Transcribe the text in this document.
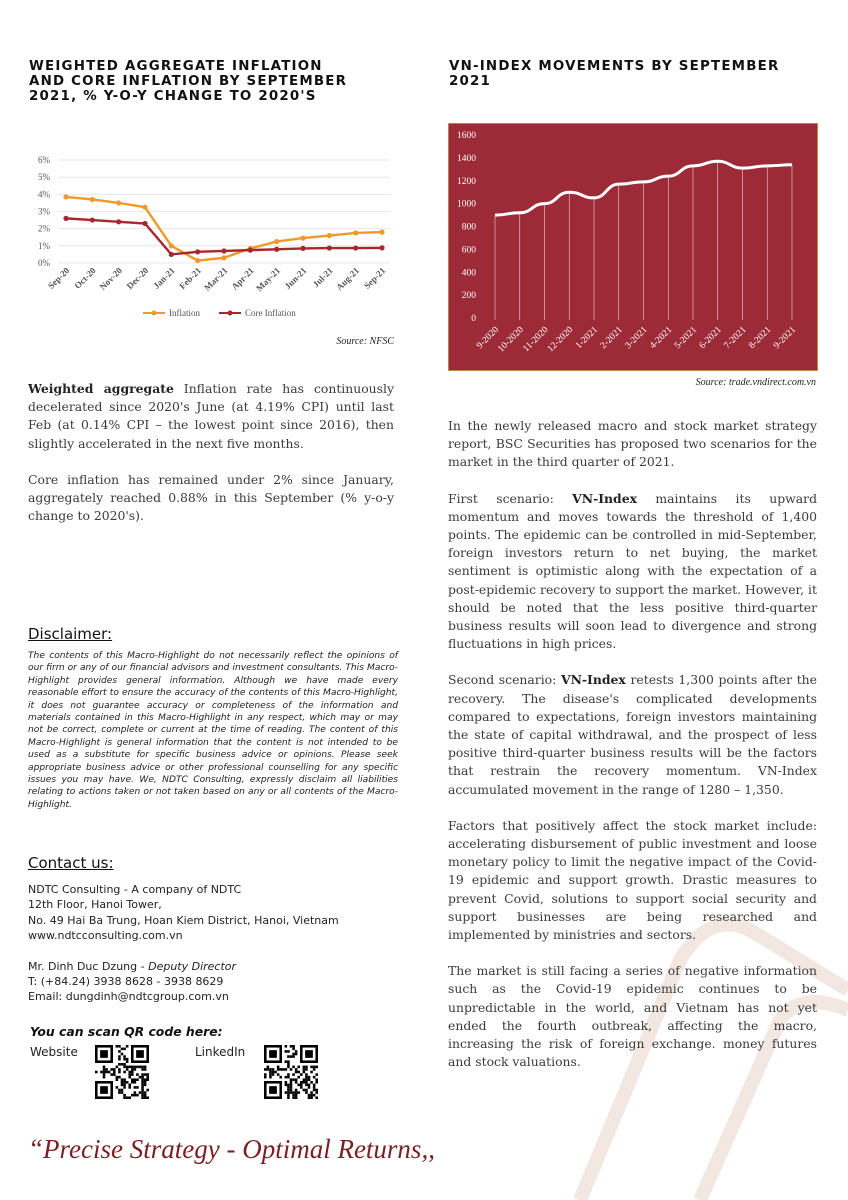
WEIGHTED AGGREGATE INFLATION
AND CORE INFLATION BY SEPTEMBER
2021, % Y-O-Y CHANGE TO 2020'S
0%
1%
2%
3%
4%
5%
6%
Sep-20 Oct-20 Nov-20 Dec-20 Jan-21 Feb-21
Mar-21 Apr-21
May-21 Jun-21 Jul-21 Aug-21 Sep-21
Inflation	Core Inflation
Source: NFSC

Weighted aggregate Inflation rate has continuously decelerated since 2020's June (at 4.19% CPI) until last Feb (at 0.14% CPI – the lowest point since 2016), then slightly accelerated in the next five months.

Core inflation has remained under 2% since January, aggregately reached 0.88% in this September (% y-o-y change to 2020's).

Disclaimer:
The contents of this Macro-Highlight do not necessarily reflect the opinions of our firm or any of our financial advisors and investment consultants. This Macro-Highlight provides general information. Although we have made every reasonable effort to ensure the accuracy of the contents of this Macro-Highlight, it does not guarantee accuracy or completeness of the information and materials contained in this Macro-Highlight in any respect, which may or may not be correct, complete or current at the time of reading. The content of this Macro-Highlight is general information that the content is not intended to be used as a substitute for specific business advice or opinions. Please seek appropriate business advice or other professional counselling for any specific issues you may have. We, NDTC Consulting, expressly disclaim all liabilities relating to actions taken or not taken based on any or all contents of the Macro-Highlight.
Contact us:
NDTC Consulting - A company of NDTC
12th Floor, Hanoi Tower,
No. 49 Hai Ba Trung, Hoan Kiem District, Hanoi, Vietnam
www.ndtcconsulting.com.vn
Mr. Dinh Duc Dzung - Deputy Director
T: (+84.24) 3938 8628 - 3938 8629
Email: dungdinh@ndtcgroup.com.vn
You can scan QR code here:
Website	LinkedIn
“Precise Strategy - Optimal Returns,,
VN-INDEX MOVEMENTS BY SEPTEMBER
2021
0
200
400
600
800
1000
1200
1400
1600
9-2020
10-2020
11-2020
12-2020
1-2021
2-2021
3-2021
4-2021
5-2021
6-2021
7-2021
8-2021
9-2021
Source: trade.vndirect.com.vn

In the newly released macro and stock market strategy report, BSC Securities has proposed two scenarios for the market in the third quarter of 2021.

First scenario: VN-Index maintains its upward momentum and moves towards the threshold of 1,400 points. The epidemic can be controlled in mid-September, foreign investors return to net buying, the market sentiment is optimistic along with the expectation of a post-epidemic recovery to support the market. However, it should be noted that the less positive third-quarter business results will soon lead to divergence and strong fluctuations in high prices.

Second scenario: VN-Index retests 1,300 points after the recovery. The disease's complicated developments compared to expectations, foreign investors maintaining the state of capital withdrawal, and the prospect of less positive third-quarter business results will be the factors that restrain the recovery momentum. VN-Index accumulated movement in the range of 1280 – 1,350.

Factors that positively affect the stock market include: accelerating disbursement of public investment and loose monetary policy to limit the negative impact of the Covid-19 epidemic and support growth. Drastic measures to prevent Covid, solutions to support social security and support businesses are being researched and implemented by ministries and sectors.

The market is still facing a series of negative information such as the Covid-19 epidemic continues to be unpredictable in the world, and Vietnam has not yet ended the fourth outbreak, affecting the macro, increasing the risk of foreign exchange. money futures and stock valuations.
